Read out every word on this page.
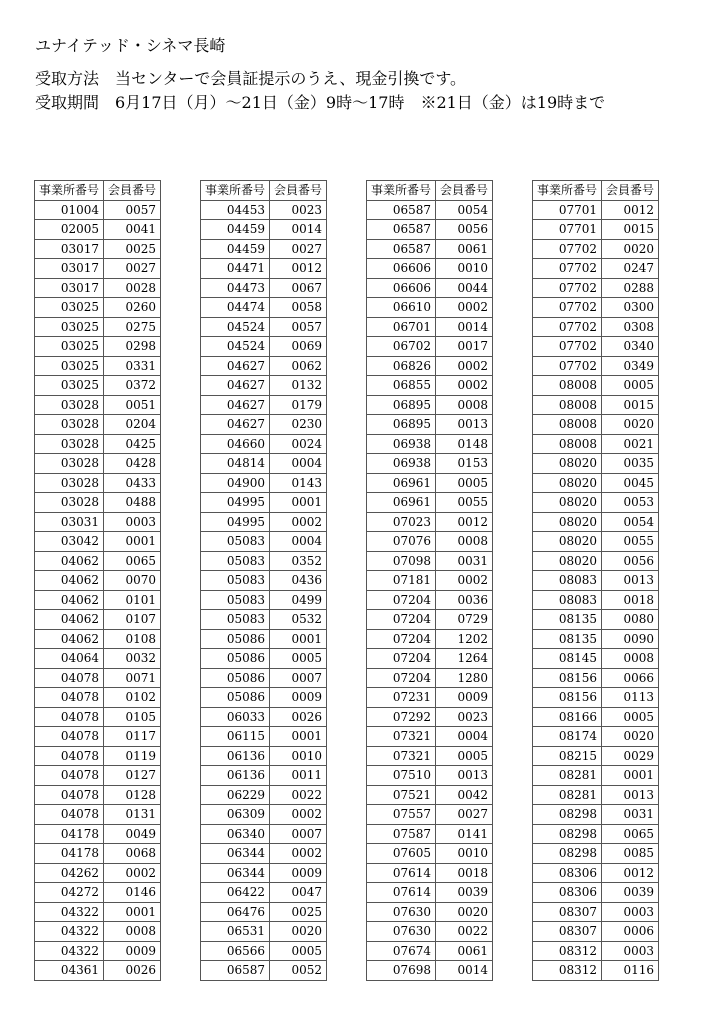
ユナイテッド・シネマ長崎
受取方法　当センターで会員証提示のうえ、現金引換です。
受取期間　6月17日（月）～21日（金）9時～17時　※21日（金）は19時まで
事業所番号	会員番号
01004	0057
02005	0041
03017	0025
03017	0027
03017	0028
03025	0260
03025	0275
03025	0298
03025	0331
03025	0372
03028	0051
03028	0204
03028	0425
03028	0428
03028	0433
03028	0488
03031	0003
03042	0001
04062	0065
04062	0070
04062	0101
04062	0107
04062	0108
04064	0032
04078	0071
04078	0102
04078	0105
04078	0117
04078	0119
04078	0127
04078	0128
04078	0131
04178	0049
04178	0068
04262	0002
04272	0146
04322	0001
04322	0008
04322	0009
04361	0026
事業所番号	会員番号
04453	0023
04459	0014
04459	0027
04471	0012
04473	0067
04474	0058
04524	0057
04524	0069
04627	0062
04627	0132
04627	0179
04627	0230
04660	0024
04814	0004
04900	0143
04995	0001
04995	0002
05083	0004
05083	0352
05083	0436
05083	0499
05083	0532
05086	0001
05086	0005
05086	0007
05086	0009
06033	0026
06115	0001
06136	0010
06136	0011
06229	0022
06309	0002
06340	0007
06344	0002
06344	0009
06422	0047
06476	0025
06531	0020
06566	0005
06587	0052
事業所番号	会員番号
06587	0054
06587	0056
06587	0061
06606	0010
06606	0044
06610	0002
06701	0014
06702	0017
06826	0002
06855	0002
06895	0008
06895	0013
06938	0148
06938	0153
06961	0005
06961	0055
07023	0012
07076	0008
07098	0031
07181	0002
07204	0036
07204	0729
07204	1202
07204	1264
07204	1280
07231	0009
07292	0023
07321	0004
07321	0005
07510	0013
07521	0042
07557	0027
07587	0141
07605	0010
07614	0018
07614	0039
07630	0020
07630	0022
07674	0061
07698	0014
事業所番号	会員番号
07701	0012
07701	0015
07702	0020
07702	0247
07702	0288
07702	0300
07702	0308
07702	0340
07702	0349
08008	0005
08008	0015
08008	0020
08008	0021
08020	0035
08020	0045
08020	0053
08020	0054
08020	0055
08020	0056
08083	0013
08083	0018
08135	0080
08135	0090
08145	0008
08156	0066
08156	0113
08166	0005
08174	0020
08215	0029
08281	0001
08281	0013
08298	0031
08298	0065
08298	0085
08306	0012
08306	0039
08307	0003
08307	0006
08312	0003
08312	0116
